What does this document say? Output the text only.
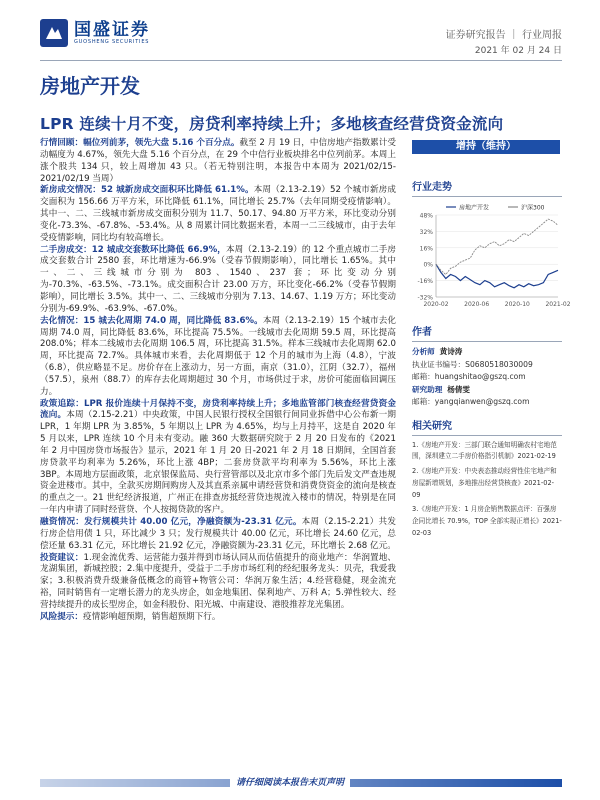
国盛证券
GUOSHENG SECURITIES
证券研究报告 ｜ 行业周报
2021 年 02 月 24 日
房地产开发
LPR 连续十月不变，房贷利率持续上升；多地核查经营贷资金流向
增持（维持）

行情回顾：幅位列前茅，领先大盘 5.16 个百分点。截至 2 月 19 日，中信房地产指数累计受动幅度为 4.67%，领先大盘 5.16 个百分点，在 29 个中信行业板块排名中位列前茅。本周上涨个股共 134 只，较上周增加 43 只。（若无特别注明，本报告中本周为 2021/02/15-2021/02/19 当周）

新房成交情况：52 城新房成交面积环比降低 61.1%。本周（2.13-2.19）52 个城市新房成交面积为 156.66 万平方米，环比降低 61.1%，同比增长 25.7%（去年同期受疫情影响）。其中一、二、三线城市新房成交面积分别为 11.7、50.17、94.80 万平方米，环比变动分别变化-73.3%、-67.8%、-53.4%。从 8 周累计同比数据来看，本周一二三线城市，由于去年受疫情影响，同比均有较高增长。

二手房成交：12 城成交套数环比降低 66.9%，本周（2.13-2.19）的 12 个重点城市二手房成交套数合计 2580 套，环比增速为-66.9%（受春节假期影响），同比增长 1.65%。其中一、二、三线城市分别为 803、1540、237 套；环比变动分别为-70.3%、-63.5%、-73.1%。成交面积合计 23.00 万方，环比变化-66.2%（受春节假期影响），同比增长 3.5%。其中一、二、三线城市分别为 7.13、14.67、1.19 万方；环比变动分别为-69.9%、-63.9%、-67.0%。

去化情况：15 城去化周期 74.0 周，同比降低 83.6%。本周（2.13-2.19）15 个城市去化周期 74.0 周，同比降低 83.6%，环比提高 75.5%。一线城市去化周期 59.5 周，环比提高 208.0%；样本二线城市去化周期 106.5 周，环比提高 31.5%。样本三线城市去化周期 62.0 周，环比提高 72.7%。具体城市来看，去化周期低于 12 个月的城市为上海（4.8），宁波（6.8），供应略显不足。房价存在上涨动力，另一方面，南京（31.0），江阴（32.7），福州（57.5），泉州（88.7）的库存去化周期超过 30 个月，市场供过于求，房价可能面临回调压力。

政策追踪：LPR 报价连续十月保持不变，房贷利率持续上升；多地监管部门核查经营贷资金流向。本周（2.15-2.21）中央政策，中国人民银行授权全国银行间同业拆借中心公布新一期 LPR，1 年期 LPR 为 3.85%，5 年期以上 LPR 为 4.65%，均与上月持平，这是自 2020 年 5 月以来，LPR 连续 10 个月未有变动。融 360 大数据研究院于 2 月 20 日发布的《2021 年 2 月中国房贷市场报告》显示，2021 年 1 月 20 日-2021 年 2 月 18 日期间，全国首套房贷款平均利率为 5.26%，环比上涨 4BP；二套房贷款平均利率为 5.56%，环比上涨 3BP。本周地方层面政策，北京银保监局、央行营管部以及北京市多个部门先后发文严查违规资金进楼市。其中，全款买房期间购房人及其直系亲属申请经营贷和消费贷资金的流向是核查的重点之一。21 世纪经济报道，广州正在排查房抵经营贷违规流入楼市的情况，特别是在同一年内申请了同时经营贷、个人按揭贷款的客户。

融资情况：发行规模共计 40.00 亿元，净融资额为-23.31 亿元。本周（2.15-2.21）共发行房企信用债 1 只，环比减少 3 只；发行规模共计 40.00 亿元，环比增长 24.60 亿元，总偿还量 63.31 亿元，环比增长 21.92 亿元，净融资额为-23.31 亿元，环比增长 2.68 亿元。

投资建议：1.现金流优秀、运营能力强并得到市场认同从而估值提升的商业地产：华润置地、龙湖集团，新城控股；2.集中度提升，受益于二手房市场红利的经纪服务龙头：贝壳，我爱我家；3.积极消费升级兼备低概念的商管+物管公司：华润万象生活；4.经营稳健，现金流充裕，同时销售有一定增长潜力的龙头房企，如金地集团、保利地产、万科 A；5.弹性较大、经营持续提升的成长型房企，如金科股份、阳光城、中南建设、港股推荐龙光集团。

风险提示：疫情影响超预期，销售超预期下行。

行业走势
48%
32%
16%
0%
-16%
-32%
2020-02	2020-06	2020-10	2021-02
房地产开发	沪深300
作者
分析师 黄诗涛
执业证书编号：S0680518030009
邮箱：huangshitao@gszq.com
研究助理 杨倩雯
邮箱：yangqianwen@gszq.com
相关研究

1.《房地产开发：三部门联合通知明确农村宅地范围，深圳建立二手房价格指引机制》2021-02-19

2.《房地产开发：中央表态推动经营性住宅地产和房屋新增规划，多地推出经营贷核查》2021-02-09

3.《房地产开发：1 月房企销售数据点评：百强房企同比增长 70.9%，TOP 全部实现正增长》2021-02-03

请仔细阅读本报告末页声明
